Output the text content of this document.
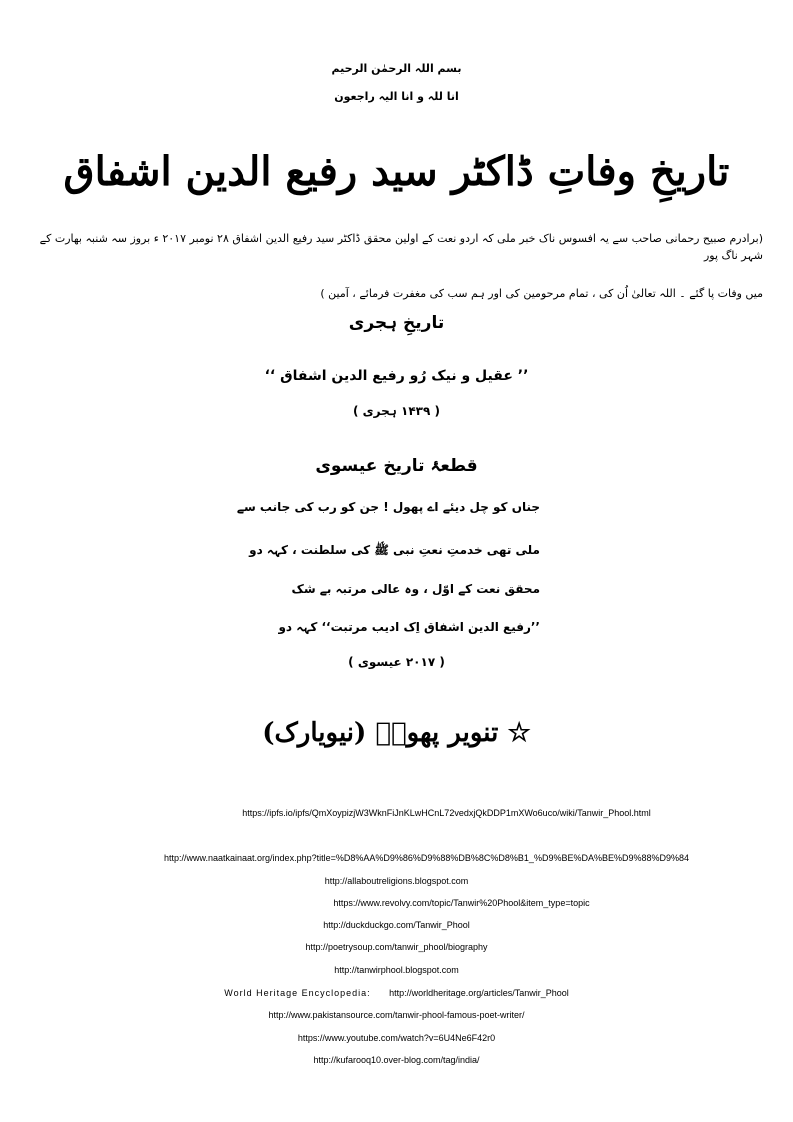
بسم اللہ الرحمٰن الرحیم
انا للہ و انا الیہ راجعون
تاریخِ وفاتِ ڈاکٹر سید رفیع الدین اشفاق
(برادرم صبیح رحمانی صاحب سے یہ افسوس ناک خبر ملی کہ اردو نعت کے اولین محقق ڈاکٹر سید رفیع الدین اشفاق ۲۸ نومبر ۲۰۱۷ ء بروز سہ شنبہ بھارت کے شہر ناگ پور
میں وفات پا گئے ۔ اللہ تعالیٰ اُن کی ، تمام مرحومین کی اور ہم سب کی مغفرت فرمائے ، آمین )
تاریخِ ہجری
’’ عقیل و نیک رُو رفیع الدین اشفاق ‘‘
( ۱۴۳۹ ہجری )
قطعۂ تاریخ عیسوی
جناں کو چل دیئے اے پھول ! جن کو رب کی جانب سے
ملی تھی خدمتِ نعتِ نبی ﷺ کی سلطنت ، کہہ دو
محقق نعت کے اوّل ، وہ عالی مرتبہ بے شک
’’رفیع الدین اشفاق اِک ادیب مرتبت‘‘ کہہ دو
( ۲۰۱۷ عیسوی )
☆ تنویر پھولؔ (نیویارک)
https://ipfs.io/ipfs/QmXoypizjW3WknFiJnKLwHCnL72vedxjQkDDP1mXWo6uco/wiki/Tanwir_Phool.html
http://www.naatkainaat.org/index.php?title=%D8%AA%D9%86%D9%88%DB%8C%D8%B1_%D9%BE%DA%BE%D9%88%D9%84
http://allaboutreligions.blogspot.com
https://www.revolvy.com/topic/Tanwir%20Phool&item_type=topic
http://duckduckgo.com/Tanwir_Phool
http://poetrysoup.com/tanwir_phool/biography
http://tanwirphool.blogspot.com
World Heritage Encyclopedia: http://worldheritage.org/articles/Tanwir_Phool
http://www.pakistansource.com/tanwir-phool-famous-poet-writer/
https://www.youtube.com/watch?v=6U4Ne6F42r0
http://kufarooq10.over-blog.com/tag/india/
